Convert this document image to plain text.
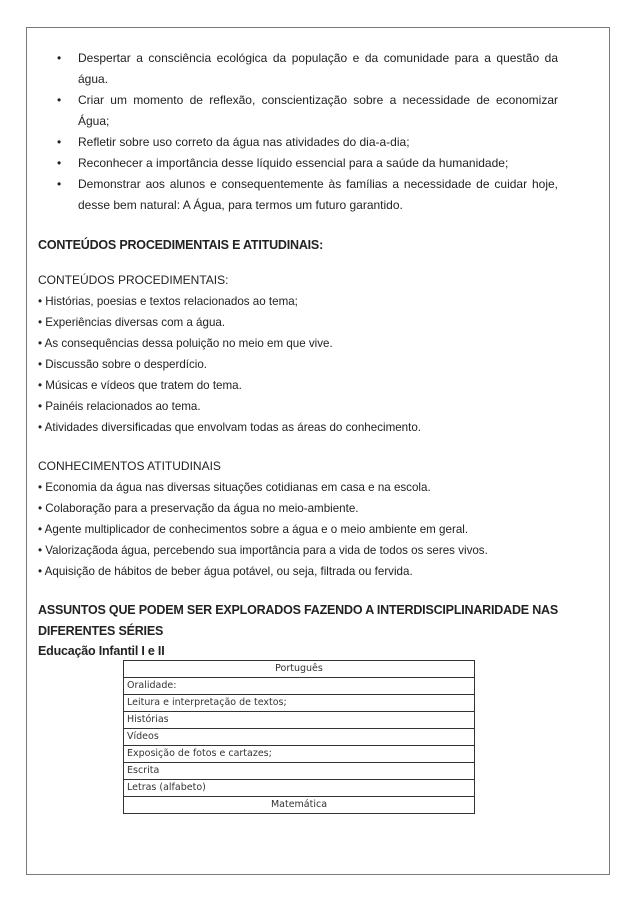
• Despertar a consciência ecológica da população e da comunidade para a questão da água.
• Criar um momento de reflexão, conscientização sobre a necessidade de economizar Água;
• Refletir sobre uso correto da água nas atividades do dia-a-dia;
• Reconhecer a importância desse líquido essencial para a saúde da humanidade;
• Demonstrar aos alunos e consequentemente às famílias a necessidade de cuidar hoje, desse bem natural: A Água, para termos um futuro garantido.
CONTEÚDOS PROCEDIMENTAIS E ATITUDINAIS:
CONTEÚDOS PROCEDIMENTAIS:
• Histórias, poesias e textos relacionados ao tema;
• Experiências diversas com a água.
• As consequências dessa poluição no meio em que vive.
• Discussão sobre o desperdício.
• Músicas e vídeos que tratem do tema.
• Painéis relacionados ao tema.
• Atividades diversificadas que envolvam todas as áreas do conhecimento.
CONHECIMENTOS ATITUDINAIS
• Economia da água nas diversas situações cotidianas em casa e na escola.
• Colaboração para a preservação da água no meio-ambiente.
• Agente multiplicador de conhecimentos sobre a água e o meio ambiente em geral.
• Valorizaçãoda água, percebendo sua importância para a vida de todos os seres vivos.
• Aquisição de hábitos de beber água potável, ou seja, filtrada ou fervida.
ASSUNTOS QUE PODEM SER EXPLORADOS FAZENDO A INTERDISCIPLINARIDADE NAS DIFERENTES SÉRIES
Educação Infantil I e II
Português
Oralidade:
Leitura e interpretação de textos;
Histórias
Vídeos
Exposição de fotos e cartazes;
Escrita
Letras (alfabeto)
Matemática
